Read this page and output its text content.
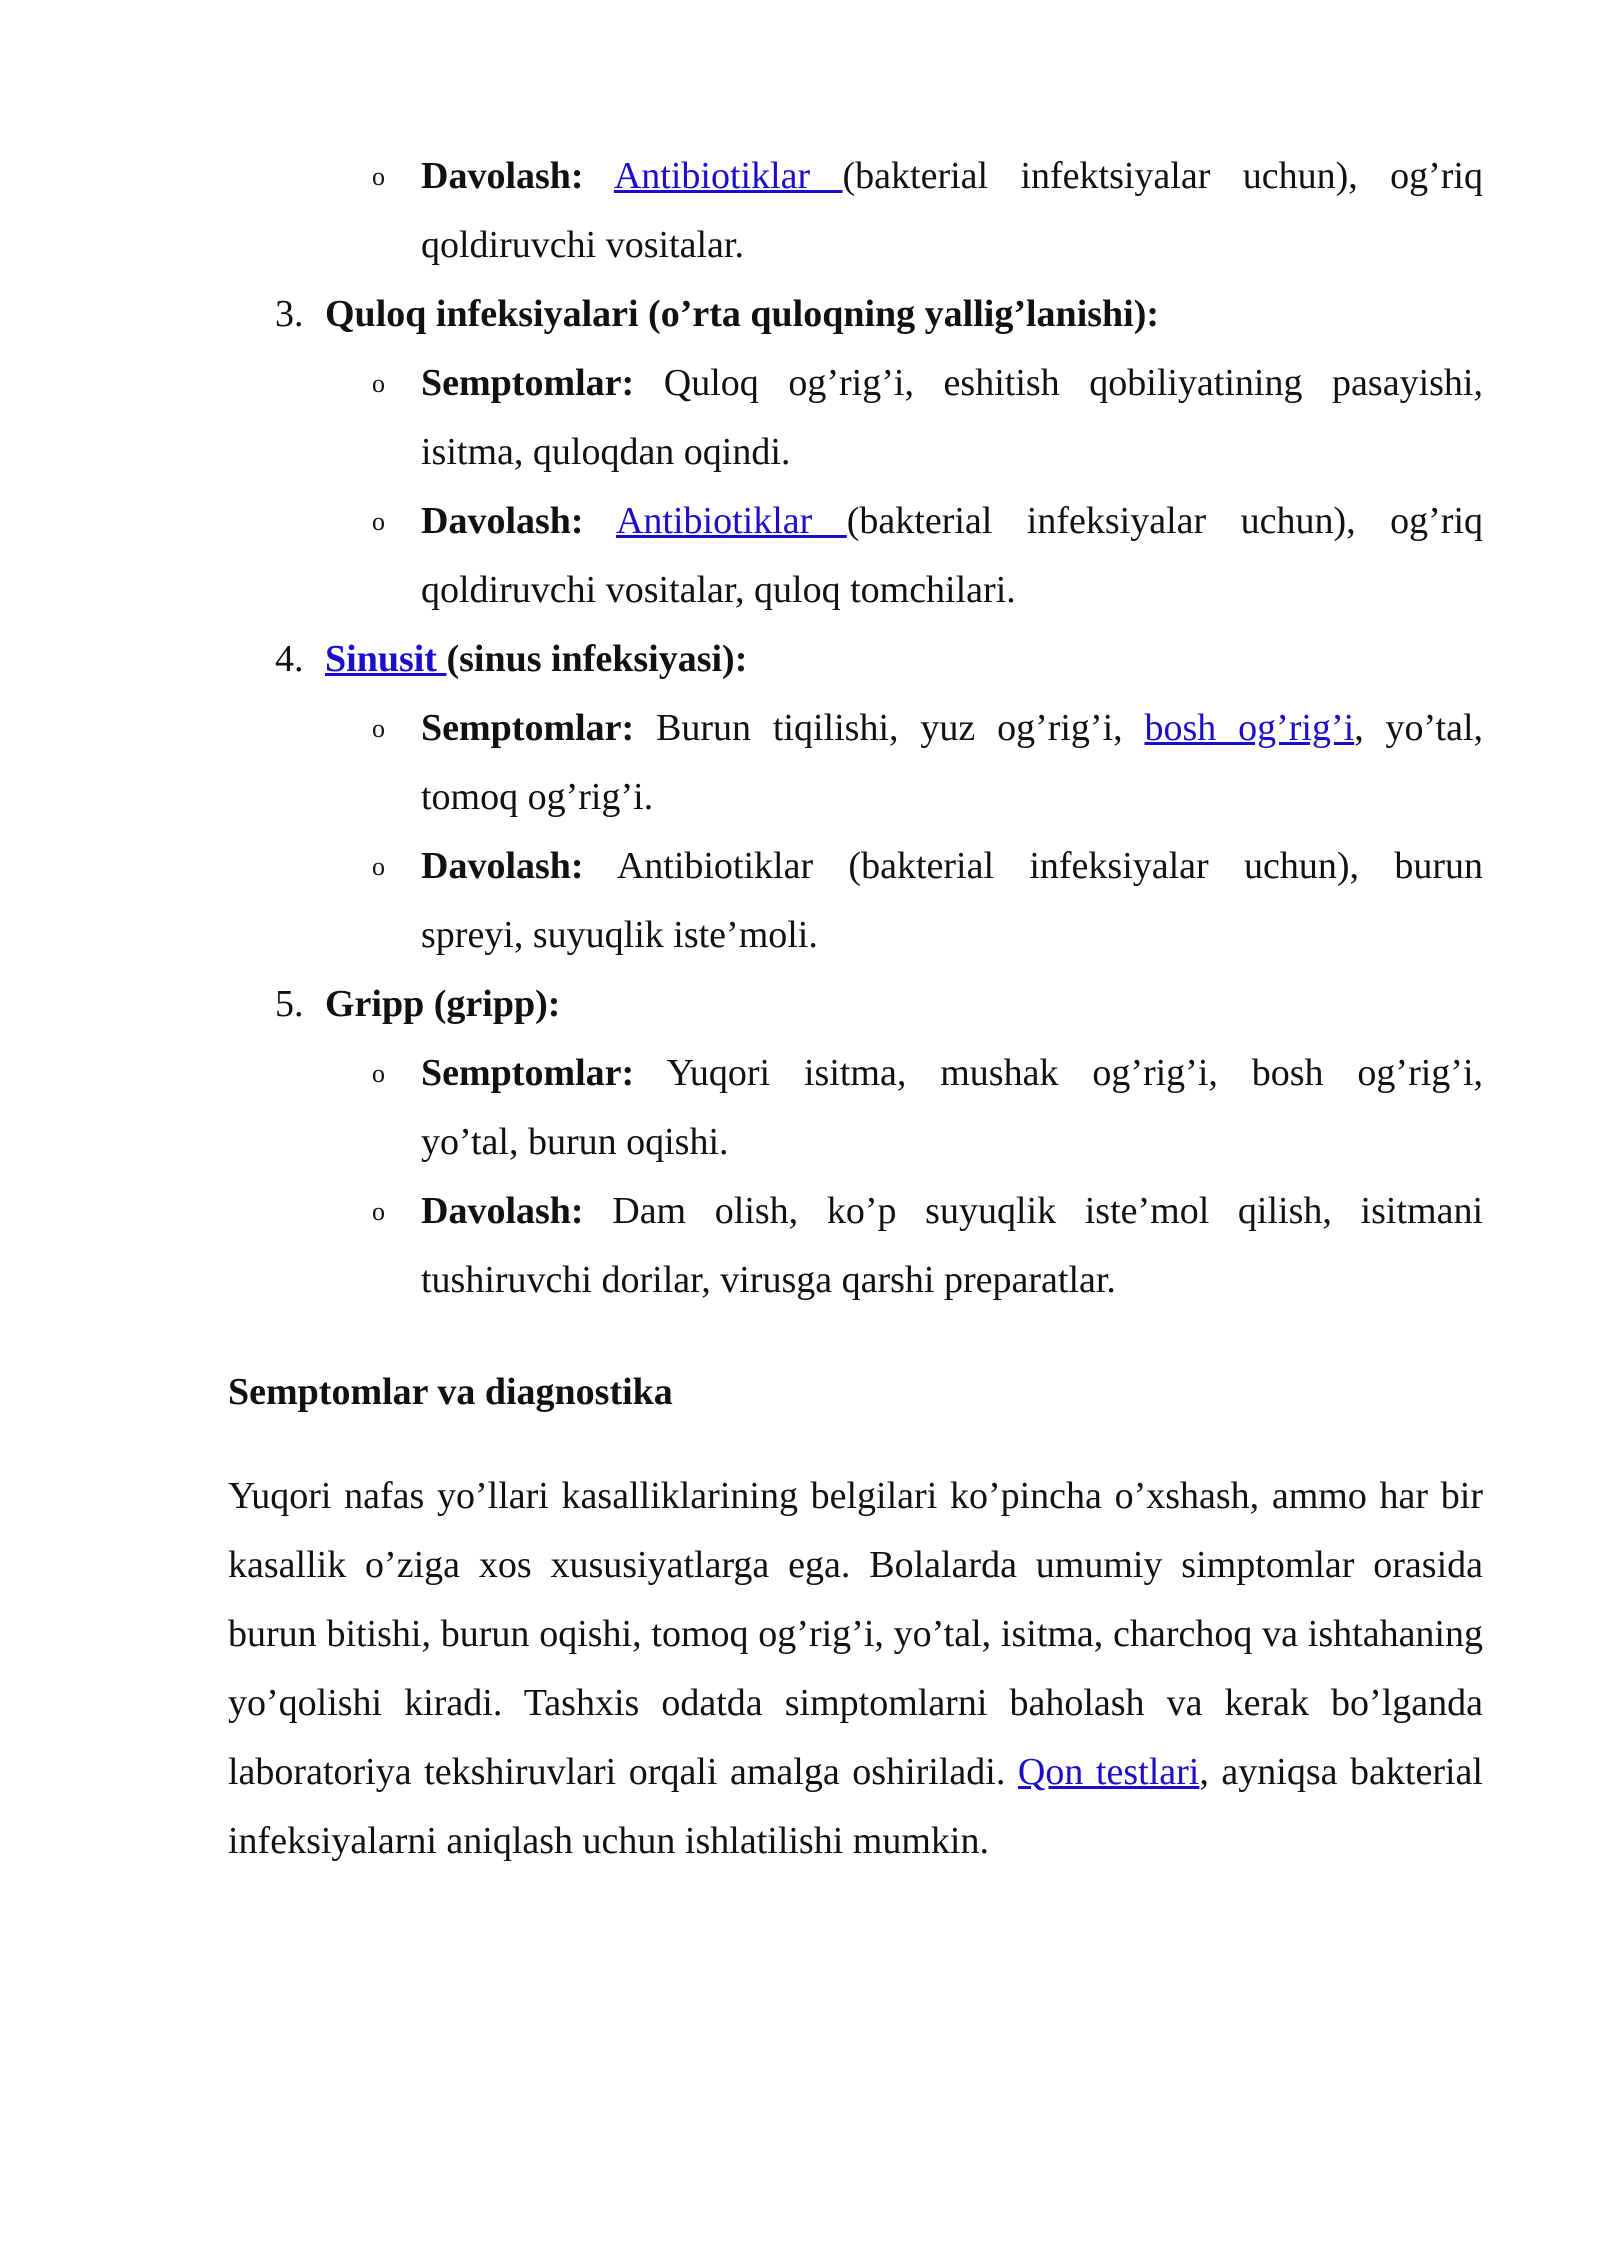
o Davolash: Antibiotiklar (bakterial infektsiyalar uchun), og’riq
qoldiruvchi vositalar.
3. Quloq infeksiyalari (o’rta quloqning yallig’lanishi):
o Semptomlar: Quloq og’rig’i, eshitish qobiliyatining pasayishi,
isitma, quloqdan oqindi.
o Davolash: Antibiotiklar (bakterial infeksiyalar uchun), og’riq
qoldiruvchi vositalar, quloq tomchilari.
4. Sinusit (sinus infeksiyasi):
o Semptomlar: Burun tiqilishi, yuz og’rig’i, bosh og’rig’i, yo’tal,
tomoq og’rig’i.
o Davolash: Antibiotiklar (bakterial infeksiyalar uchun), burun
spreyi, suyuqlik iste’moli.
5. Gripp (gripp):
o Semptomlar: Yuqori isitma, mushak og’rig’i, bosh og’rig’i,
yo’tal, burun oqishi.
o Davolash: Dam olish, ko’p suyuqlik iste’mol qilish, isitmani
tushiruvchi dorilar, virusga qarshi preparatlar.
Semptomlar va diagnostika
Yuqori nafas yo’llari kasalliklarining belgilari ko’pincha o’xshash, ammo har bir kasallik o’ziga xos xususiyatlarga ega. Bolalarda umumiy simptomlar orasida burun bitishi, burun oqishi, tomoq og’rig’i, yo’tal, isitma, charchoq va ishtahaning yo’qolishi kiradi. Tashxis odatda simptomlarni baholash va kerak bo’lganda laboratoriya tekshiruvlari orqali amalga oshiriladi. Qon testlari, ayniqsa bakterial infeksiyalarni aniqlash uchun ishlatilishi mumkin.
